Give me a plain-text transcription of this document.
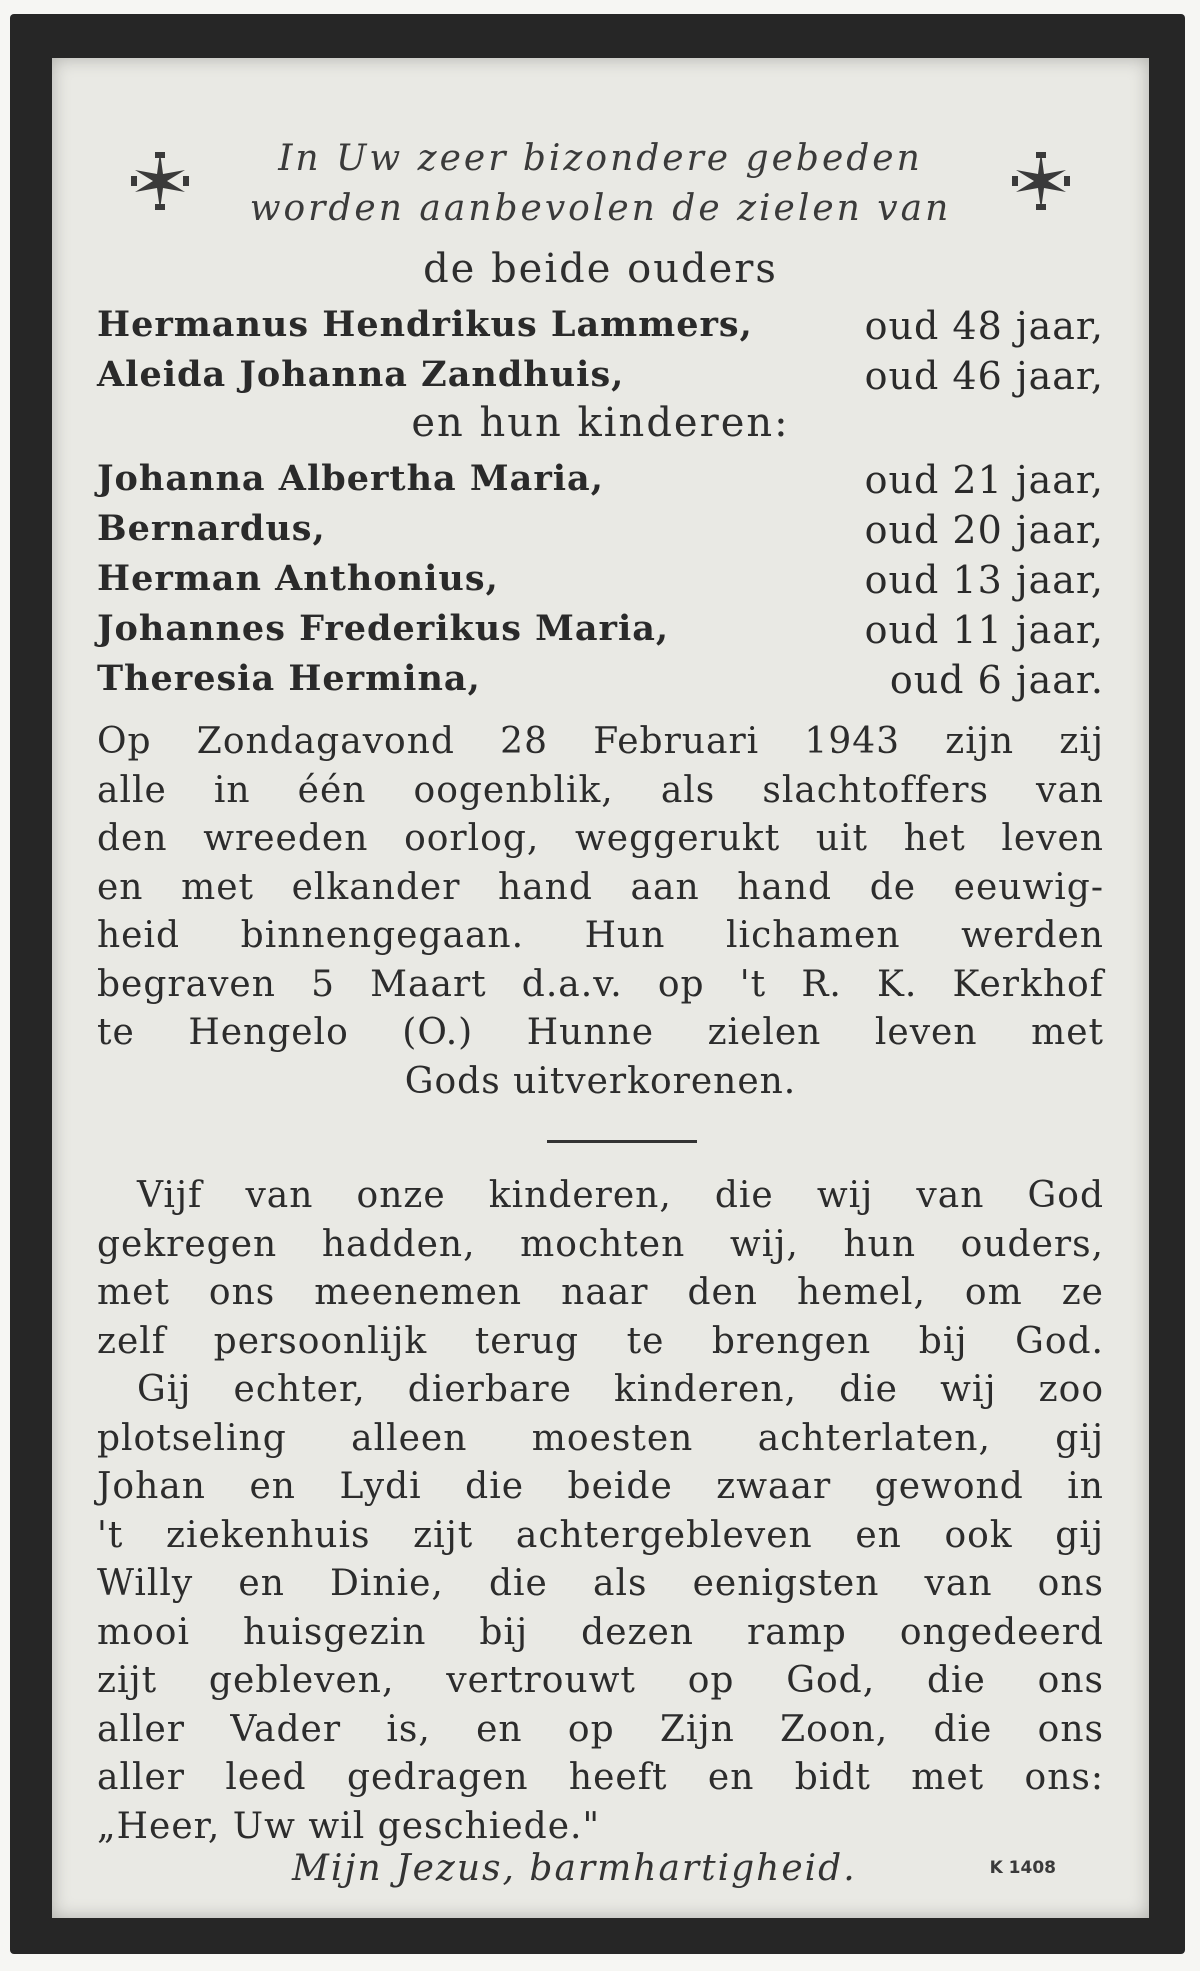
In Uw zeer bizondere gebeden
worden aanbevolen de zielen van
de beide ouders
Hermanus Hendrikus Lammers,	oud 48 jaar,
Aleida Johanna Zandhuis,	oud 46 jaar,
en hun kinderen:
Johanna Albertha Maria,	oud 21 jaar,
Bernardus,	oud 20 jaar,
Herman Anthonius,	oud 13 jaar,
Johannes Frederikus Maria,	oud 11 jaar,
Theresia Hermina,	oud 6 jaar.
Op Zondagavond 28 Februari 1943 zijn zij
alle in één oogenblik, als slachtoffers van
den wreeden oorlog, weggerukt uit het leven
en met elkander hand aan hand de eeuwig-
heid binnengegaan. Hun lichamen werden
begraven 5 Maart d.a.v. op 't R. K. Kerkhof
te Hengelo (O.) Hunne zielen leven met
Gods uitverkorenen.
Vijf van onze kinderen, die wij van God
gekregen hadden, mochten wij, hun ouders,
met ons meenemen naar den hemel, om ze
zelf persoonlijk terug te brengen bij God.
Gij echter, dierbare kinderen, die wij zoo
plotseling alleen moesten achterlaten, gij
Johan en Lydi die beide zwaar gewond in
't ziekenhuis zijt achtergebleven en ook gij
Willy en Dinie, die als eenigsten van ons
mooi huisgezin bij dezen ramp ongedeerd
zijt gebleven, vertrouwt op God, die ons
aller Vader is, en op Zijn Zoon, die ons
aller leed gedragen heeft en bidt met ons:
„Heer, Uw wil geschiede."
Mijn Jezus, barmhartigheid.	K 1408
